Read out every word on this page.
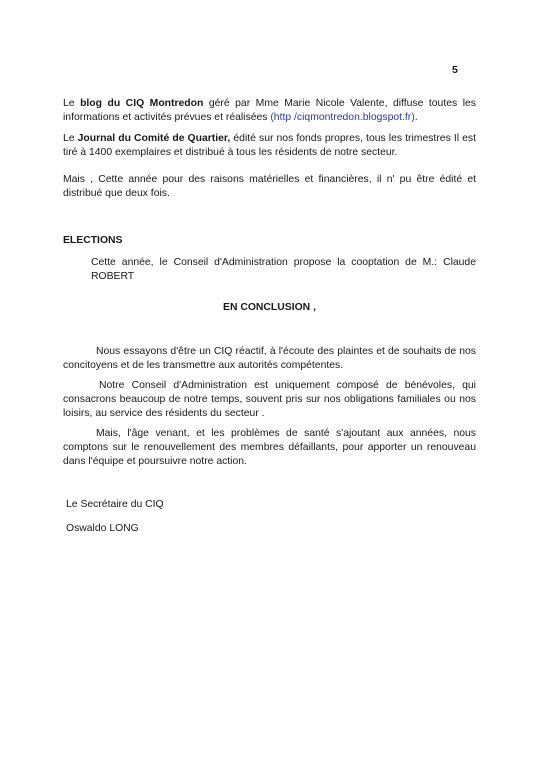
5

Le blog du CIQ Montredon géré par Mme Marie Nicole Valente, diffuse toutes les informations et activités prévues et réalisées (http /ciqmontredon.blogspot.fr).

Le Journal du Comité de Quartier, édité sur nos fonds propres, tous les trimestres Il est tiré à 1400 exemplaires et distribué à tous les résidents de notre secteur.

Mais , Cette année pour des raisons matérielles et financières, il n' pu être édité et distribué que deux fois.

ELECTIONS

Cette année, le Conseil d'Administration propose la cooptation de M.: Claude ROBERT

EN CONCLUSION ,

Nous essayons d'être un CIQ réactif, à l'écoute des plaintes et de souhaits de nos concitoyens et de les transmettre aux autorités compétentes.

Notre Conseil d'Administration est uniquement composé de bénévoles, qui consacrons beaucoup de notre temps, souvent pris sur nos obligations familiales ou nos loisirs, au service des résidents du secteur .

Mais, l'âge venant, et les problèmes de santé s'ajoutant aux années, nous comptons sur le renouvellement des membres défaillants, pour apporter un renouveau dans l'équipe et poursuivre notre action.

Le Secrétaire du CIQ

Oswaldo LONG
